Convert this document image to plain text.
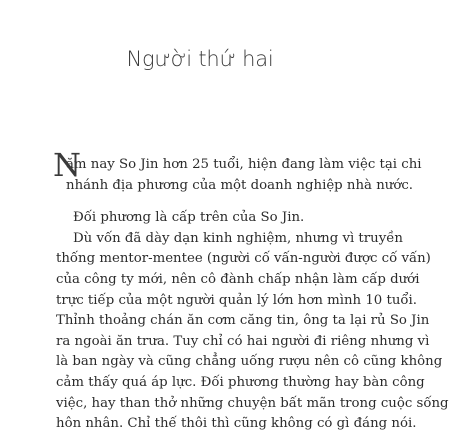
Người thứ hai

N
ăm nay So Jin hơn 25 tuổi, hiện đang làm việc tại chi
nhánh địa phương của một doanh nghiệp nhà nước.

Đối phương là cấp trên của So Jin.

Dù vốn đã dày dạn kinh nghiệm, nhưng vì truyền
thống mentor-mentee (người cố vấn-người được cố vấn)
của công ty mới, nên cô đành chấp nhận làm cấp dưới
trực tiếp của một người quản lý lớn hơn mình 10 tuổi.
Thỉnh thoảng chán ăn cơm căng tin, ông ta lại rủ So Jin
ra ngoài ăn trưa. Tuy chỉ có hai người đi riêng nhưng vì
là ban ngày và cũng chẳng uống rượu nên cô cũng không
cảm thấy quá áp lực. Đối phương thường hay bàn công
việc, hay than thở những chuyện bất mãn trong cuộc sống
hôn nhân. Chỉ thế thôi thì cũng không có gì đáng nói.
